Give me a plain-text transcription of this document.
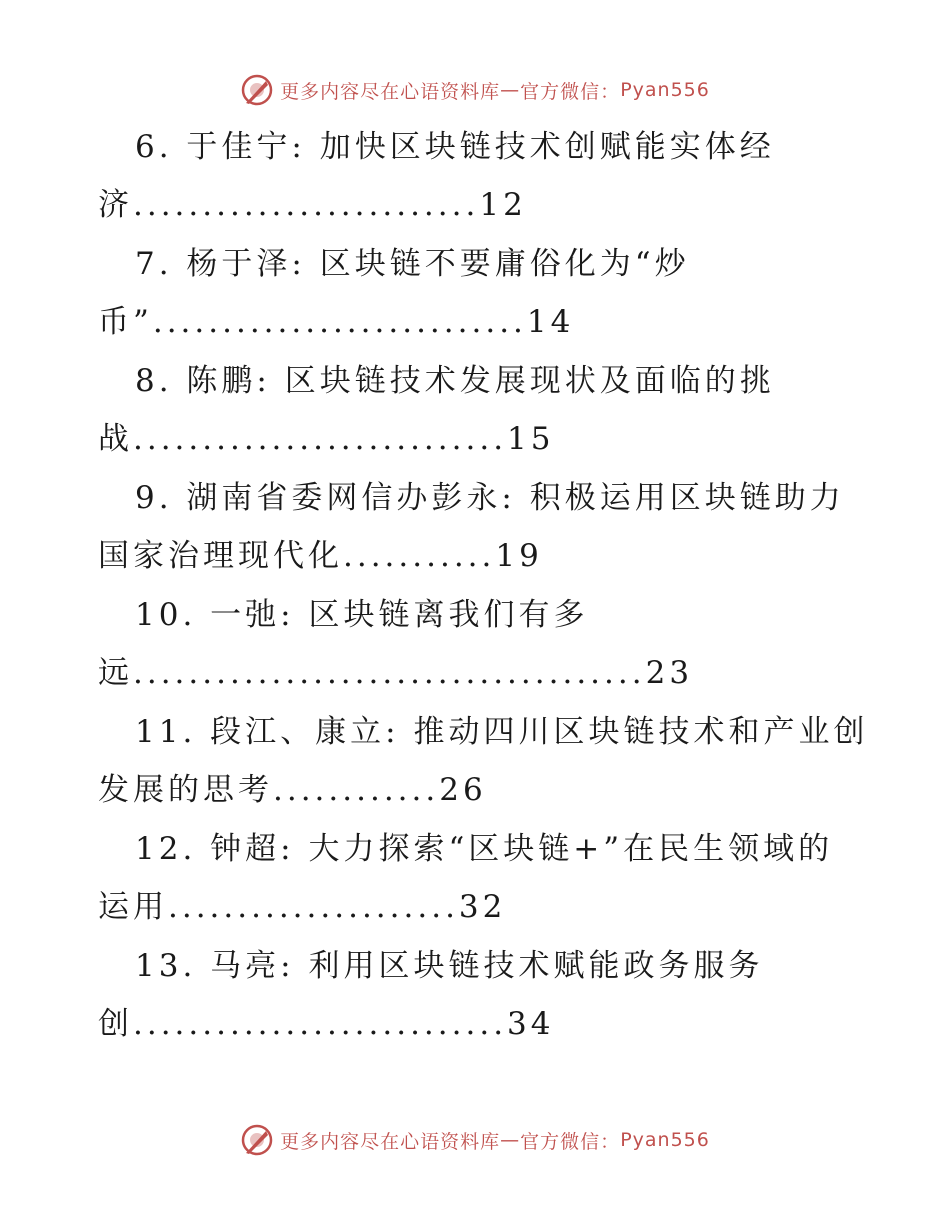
更多内容尽在心语资料库 — 官方微信： Pyan556
6. 于佳宁: 加快区块链技术创赋能实体经
济.........................12
7. 杨于泽: 区块链不要庸俗化为“炒
币”...........................14
8. 陈鹏: 区块链技术发展现状及面临的挑
战...........................15
9. 湖南省委网信办彭永: 积极运用区块链助力
国家治理现代化...........19
10. 一弛: 区块链离我们有多
远.....................................23
11. 段江、康立: 推动四川区块链技术和产业创
发展的思考............26
12. 钟超: 大力探索“区块链+”在民生领域的
运用.....................32
13. 马亮: 利用区块链技术赋能政务服务
创...........................34
更多内容尽在心语资料库 — 官方微信： Pyan556
